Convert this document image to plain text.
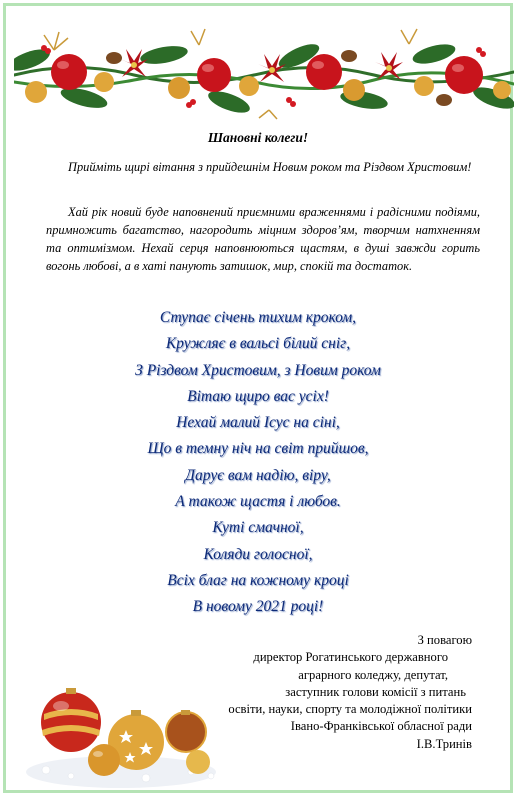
Шановні колеги!

Прийміть щирі вітання з прийдешнім Новим роком та Різдвом Христовим!

Хай рік новий буде наповнений приємними враженнями і радісними подіями, примножить багатство, нагородить міцним здоров’ям, творчим натхненням та оптимізмом. Нехай серця наповнюються щастям, в душі завжди горить вогонь любові, а в хаті панують затишок, мир, спокій та достаток.

Ступає січень тихим кроком,
Кружляє в вальсі білий сніг,
З Різдвом Христовим, з Новим роком
Вітаю щиро вас усіх!
Нехай малий Ісус на сіні,
Що в темну ніч на світ прийшов,
Дарує вам надію, віру,
А також щастя і любов.
Куті смачної,
Коляди голосної,
Всіх благ на кожному кроці
В новому 2021 році!
З повагою
директор Рогатинського державного
аграрного коледжу, депутат,
заступник голови комісії з питань
освіти, науки, спорту та молодіжної політики
Івано-Франківської обласної ради
І.В.Тринів
